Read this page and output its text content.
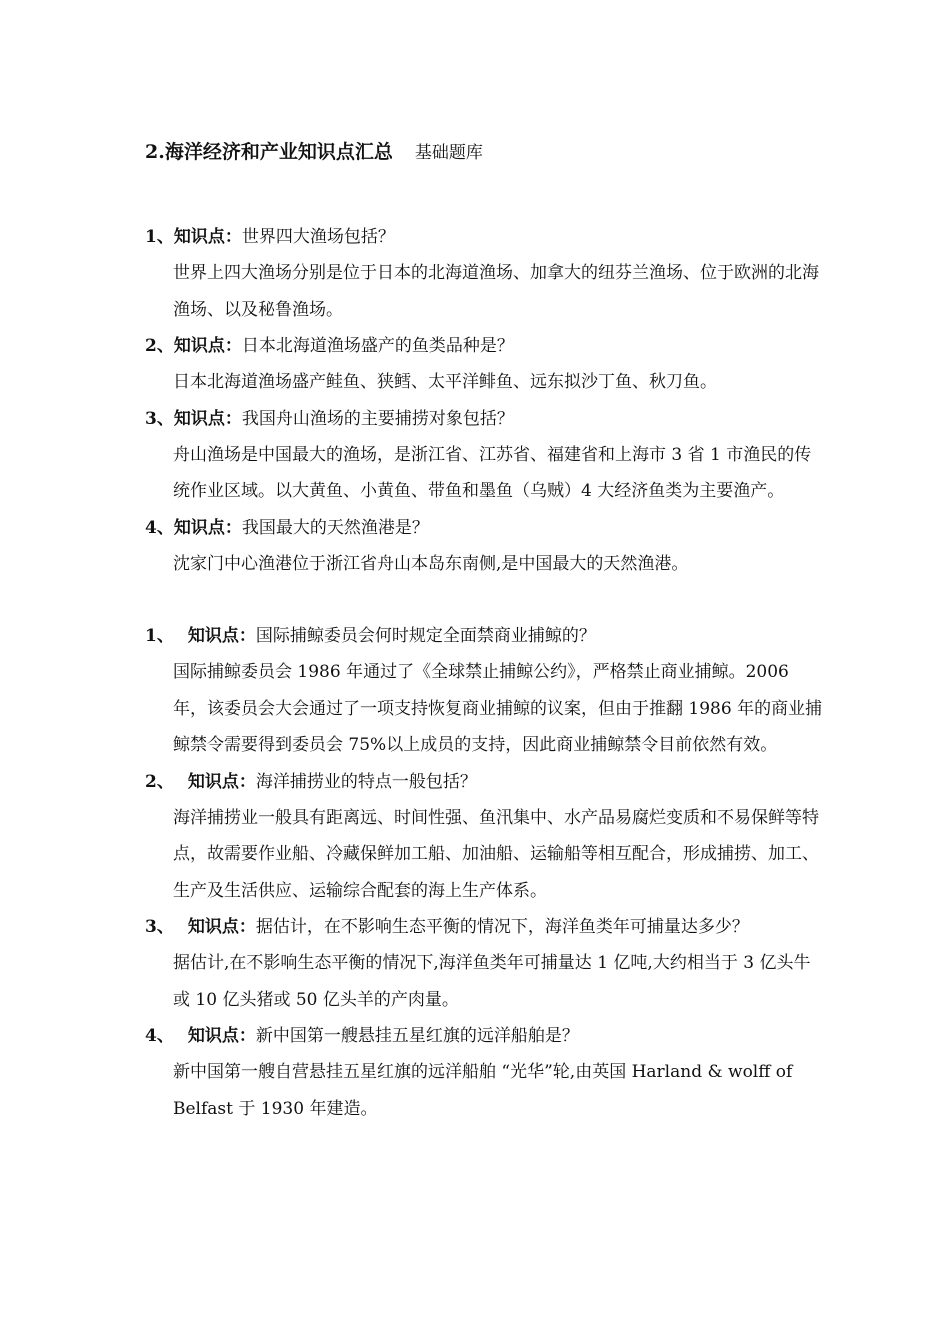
2.海洋经济和产业知识点汇总 基础题库
1、知识点：世界四大渔场包括？
世界上四大渔场分别是位于日本的北海道渔场、加拿大的纽芬兰渔场、位于欧洲的北海渔场、以及秘鲁渔场。
2、知识点：日本北海道渔场盛产的鱼类品种是？
日本北海道渔场盛产鲑鱼、狭鳕、太平洋鲱鱼、远东拟沙丁鱼、秋刀鱼。
3、知识点：我国舟山渔场的主要捕捞对象包括？
舟山渔场是中国最大的渔场，是浙江省、江苏省、福建省和上海市 3 省 1 市渔民的传统作业区域。以大黄鱼、小黄鱼、带鱼和墨鱼（乌贼）4 大经济鱼类为主要渔产。
4、知识点：我国最大的天然渔港是？
沈家门中心渔港位于浙江省舟山本岛东南侧,是中国最大的天然渔港。
1、 知识点：国际捕鲸委员会何时规定全面禁商业捕鲸的？
国际捕鲸委员会 1986 年通过了《全球禁止捕鲸公约》，严格禁止商业捕鲸。2006 年，该委员会大会通过了一项支持恢复商业捕鲸的议案，但由于推翻 1986 年的商业捕鲸禁令需要得到委员会 75%以上成员的支持，因此商业捕鲸禁令目前依然有效。
2、 知识点：海洋捕捞业的特点一般包括？
海洋捕捞业一般具有距离远、时间性强、鱼汛集中、水产品易腐烂变质和不易保鲜等特点，故需要作业船、冷藏保鲜加工船、加油船、运输船等相互配合，形成捕捞、加工、生产及生活供应、运输综合配套的海上生产体系。
3、 知识点：据估计，在不影响生态平衡的情况下，海洋鱼类年可捕量达多少？
据估计,在不影响生态平衡的情况下,海洋鱼类年可捕量达 1 亿吨,大约相当于 3 亿头牛或 10 亿头猪或 50 亿头羊的产肉量。
4、 知识点：新中国第一艘悬挂五星红旗的远洋船舶是？
新中国第一艘自营悬挂五星红旗的远洋船舶 “光华”轮,由英国 Harland & wolff of Belfast 于 1930 年建造。
